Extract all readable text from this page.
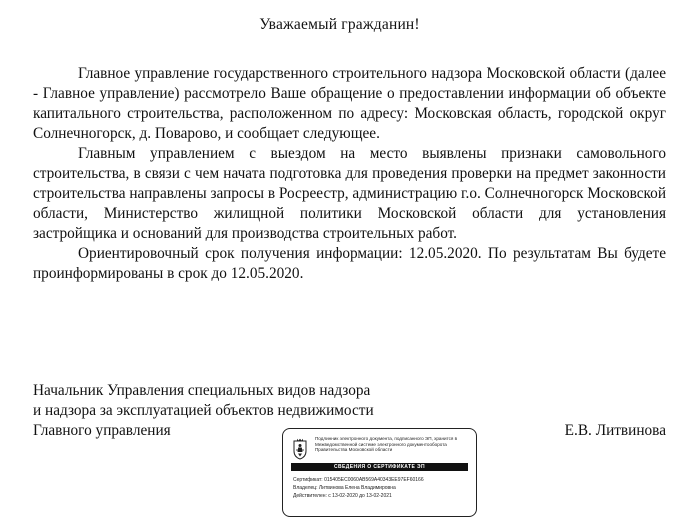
Уважаемый гражданин!

Главное управление государственного строительного надзора Московской области (далее - Главное управление) рассмотрело Ваше обращение о предоставлении информации об объекте капитального строительства, расположенном по адресу: Московская область, городской округ Солнечногорск, д. Поварово, и сообщает следующее.

Главным управлением с выездом на место выявлены признаки самовольного строительства, в связи с чем начата подготовка для проведения проверки на предмет законности строительства направлены запросы в Росреестр, администрацию г.о. Солнечногорск Московской области, Министерство жилищной политики Московской области для установления застройщика и оснований для производства строительных работ.

Ориентировочный срок получения информации: 12.05.2020. По результатам Вы будете проинформированы в срок до 12.05.2020.

Начальник Управления специальных видов надзора
и надзора за эксплуатацией объектов недвижимости
Главного управления	Е.В. Литвинова
Подлинник электронного документа, подписанного ЭП, хранится в Межведомственной системе электронного документооборота Правительства Московской области
СВЕДЕНИЯ О СЕРТИФИКАТЕ ЭП
Сертификат: 015405EC0060AB569A40343EE97EF60166
Владелец: Литвинова Елена Владимировна
Действителен: с 13-02-2020 до 13-02-2021
